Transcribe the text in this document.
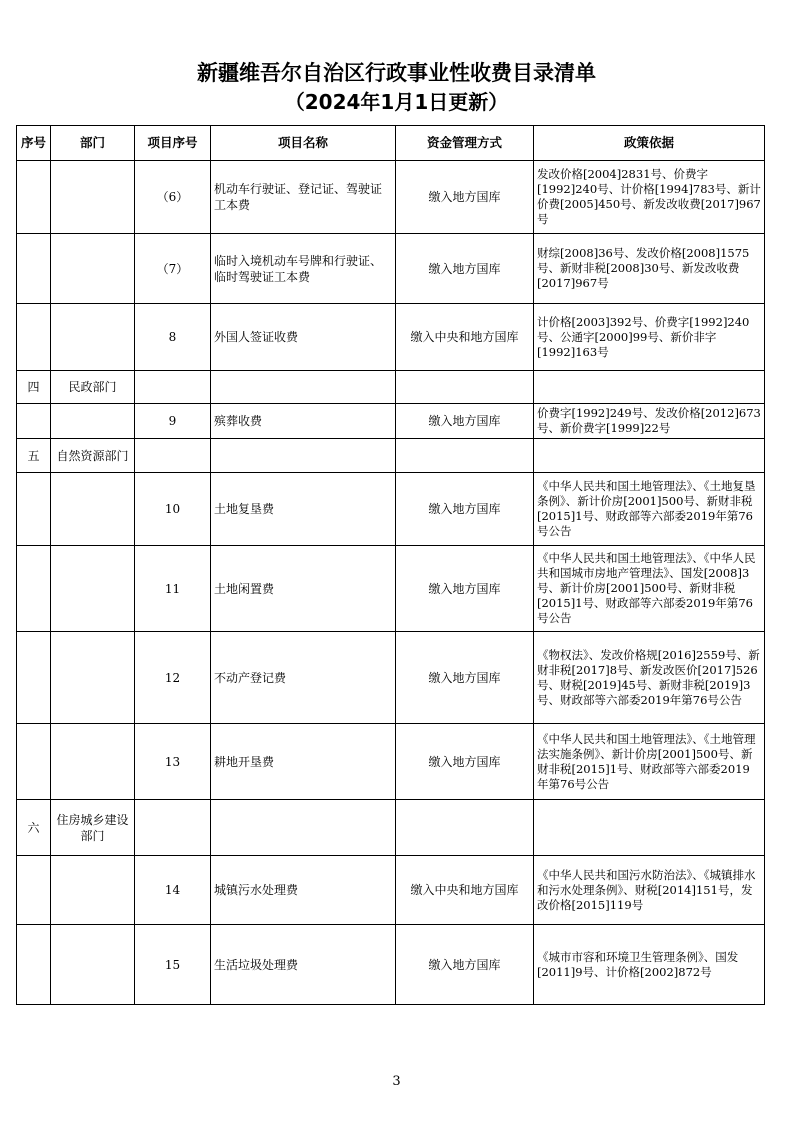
新疆维吾尔自治区行政事业性收费目录清单
（2024年1月1日更新）
序号	部门	项目序号	项目名称	资金管理方式	政策依据
		（6）	机动车行驶证、登记证、驾驶证工本费	缴入地方国库	发改价格[2004]2831号、价费字[1992]240号、计价格[1994]783号、新计价费[2005]450号、新发改收费[2017]967号
		（7）	临时入境机动车号牌和行驶证、临时驾驶证工本费	缴入地方国库	财综[2008]36号、发改价格[2008]1575号、新财非税[2008]30号、新发改收费[2017]967号
		8	外国人签证收费	缴入中央和地方国库	计价格[2003]392号、价费字[1992]240号、公通字[2000]99号、新价非字[1992]163号
四	民政部门				
		9	殡葬收费	缴入地方国库	价费字[1992]249号、发改价格[2012]673号、新价费字[1999]22号
五	自然资源部门				
		10	土地复垦费	缴入地方国库	《中华人民共和国土地管理法》、《土地复垦条例》、新计价房[2001]500号、新财非税[2015]1号、财政部等六部委2019年第76号公告
		11	土地闲置费	缴入地方国库	《中华人民共和国土地管理法》、《中华人民共和国城市房地产管理法》、国发[2008]3号、新计价房[2001]500号、新财非税[2015]1号、财政部等六部委2019年第76号公告
		12	不动产登记费	缴入地方国库	《物权法》、发改价格规[2016]2559号、新财非税[2017]8号、新发改医价[2017]526号、财税[2019]45号、新财非税[2019]3号、财政部等六部委2019年第76号公告
		13	耕地开垦费	缴入地方国库	《中华人民共和国土地管理法》、《土地管理法实施条例》、新计价房[2001]500号、新财非税[2015]1号、财政部等六部委2019年第76号公告
六	住房城乡建设部门				
		14	城镇污水处理费	缴入中央和地方国库	《中华人民共和国污水防治法》、《城镇排水和污水处理条例》、财税[2014]151号，发改价格[2015]119号
		15	生活垃圾处理费	缴入地方国库	《城市市容和环境卫生管理条例》、国发[2011]9号、计价格[2002]872号
3
